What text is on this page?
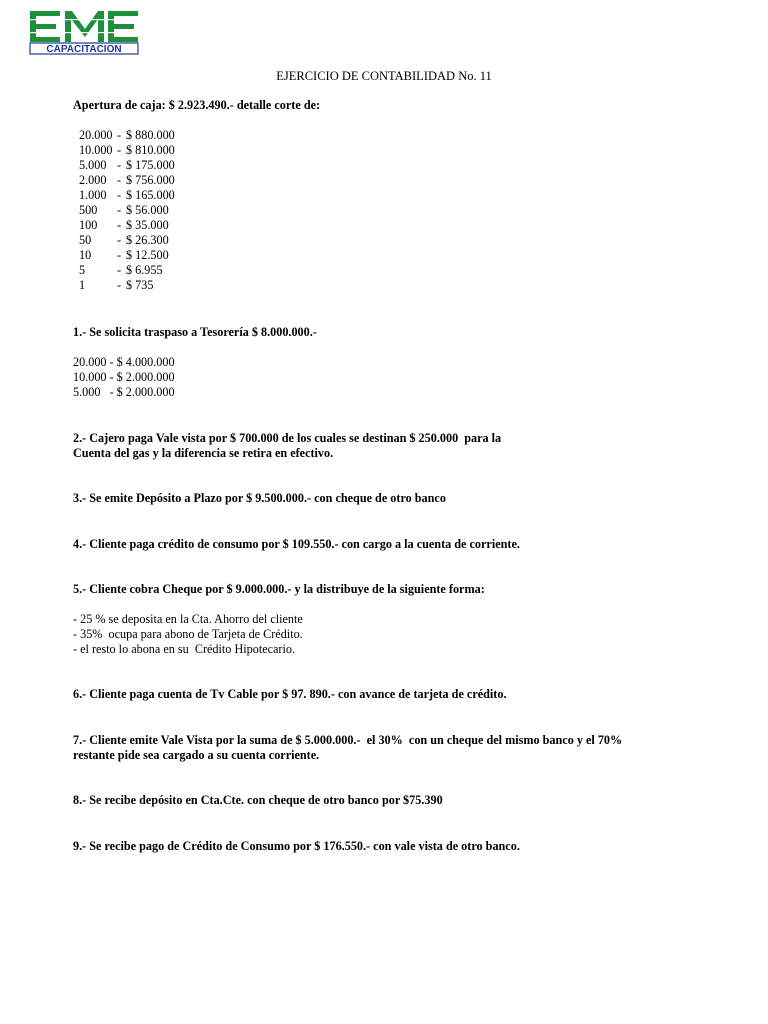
CAPACITACION
EJERCICIO DE CONTABILIDAD No. 11
Apertura de caja: $ 2.923.490.- detalle corte de:
20.000 - $ 880.000
10.000 - $ 810.000
5.000 - $ 175.000
2.000 - $ 756.000
1.000 - $ 165.000
500 - $ 56.000
100 - $ 35.000
50 - $ 26.300
10 - $ 12.500
5	- $ 6.955
1	- $ 735
1.- Se solicita traspaso a Tesorería $ 8.000.000.-
20.000 - $ 4.000.000
10.000 - $ 2.000.000
5.000   - $ 2.000.000
2.- Cajero paga Vale vista por $ 700.000 de los cuales se destinan $ 250.000  para la
Cuenta del gas y la diferencia se retira en efectivo.
3.- Se emite Depósito a Plazo por $ 9.500.000.- con cheque de otro banco
4.- Cliente paga crédito de consumo por $ 109.550.- con cargo a la cuenta de corriente.
5.- Cliente cobra Cheque por $ 9.000.000.- y la distribuye de la siguiente forma:
- 25 % se deposita en la Cta. Ahorro del cliente
- 35%  ocupa para abono de Tarjeta de Crédito.
- el resto lo abona en su  Crédito Hipotecario.
6.- Cliente paga cuenta de Tv Cable por $ 97. 890.- con avance de tarjeta de crédito.
7.- Cliente emite Vale Vista por la suma de $ 5.000.000.-  el 30%  con un cheque del mismo banco y el 70%
restante pide sea cargado a su cuenta corriente.
8.- Se recibe depósito en Cta.Cte. con cheque de otro banco por $75.390
9.- Se recibe pago de Crédito de Consumo por $ 176.550.- con vale vista de otro banco.
